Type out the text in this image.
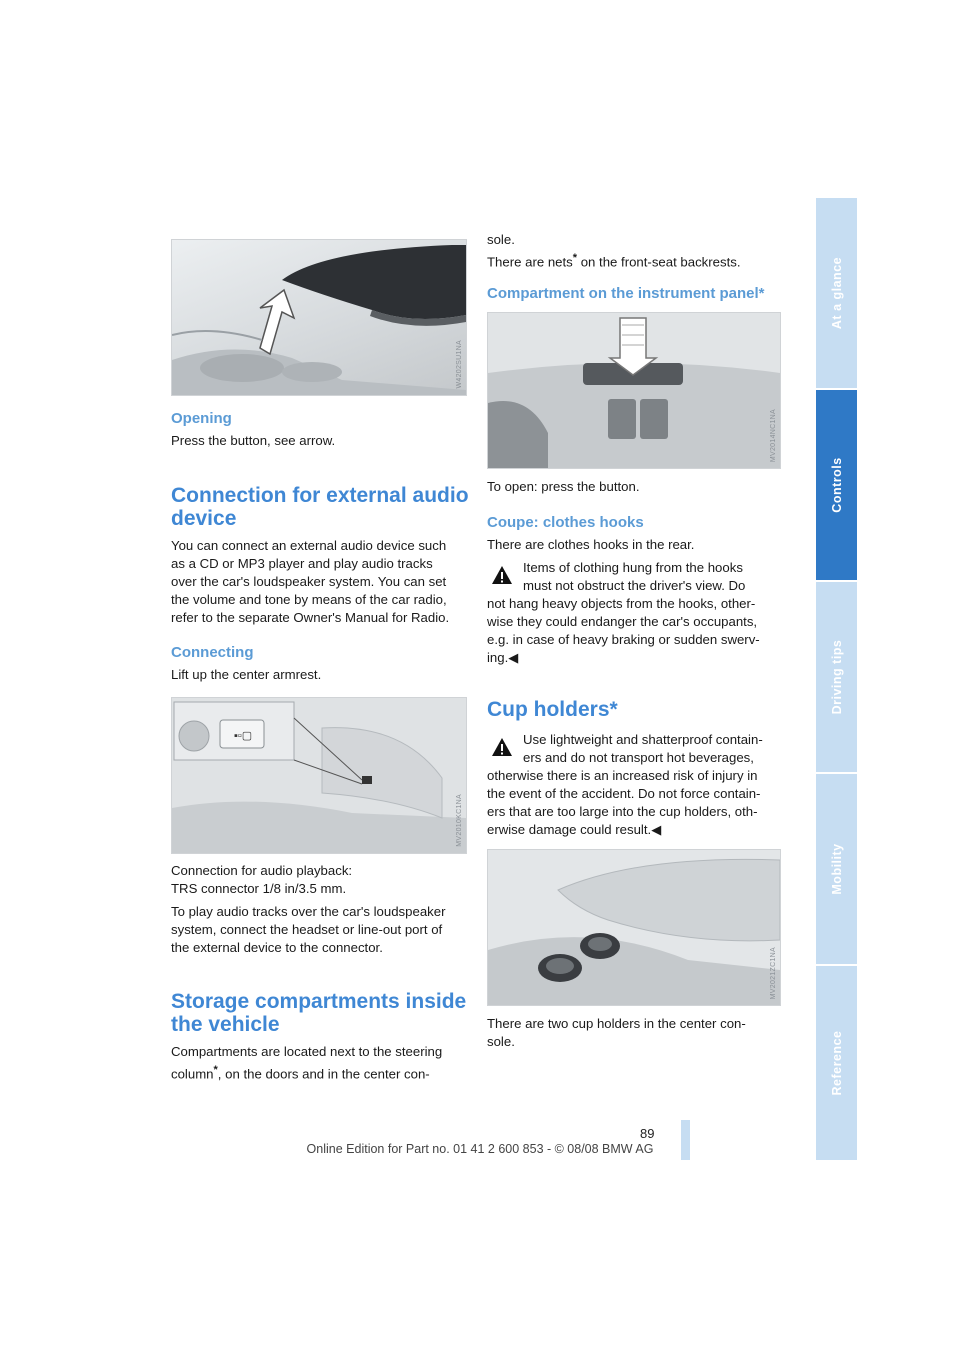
W4202SU1NA
Opening
Press the button, see arrow.
Connection for external audio
device
You can connect an external audio device such
as a CD or MP3 player and play audio tracks
over the car's loudspeaker system. You can set
the volume and tone by means of the car radio,
refer to the separate Owner's Manual for Radio.
Connecting
Lift up the center armrest.
▪▫▢
MV2010KC1NA
Connection for audio playback:
TRS connector 1/8 in/3.5 mm.
To play audio tracks over the car's loudspeaker
system, connect the headset or line-out port of
the external device to the connector.
Storage compartments inside
the vehicle
Compartments are located next to the steering
column*, on the doors and in the center con-
sole.
There are nets* on the front-seat backrests.
Compartment on the instrument panel*
MV2014NC1NA
To open: press the button.
Coupe: clothes hooks
There are clothes hooks in the rear.
Items of clothing hung from the hooks
must not obstruct the driver's view. Do
not hang heavy objects from the hooks, other-
wise they could endanger the car's occupants,
e.g. in case of heavy braking or sudden swerv-
ing.◀
Cup holders*
Use lightweight and shatterproof contain-
ers and do not transport hot beverages,
otherwise there is an increased risk of injury in
the event of the accident. Do not force contain-
ers that are too large into the cup holders, oth-
erwise damage could result.◀
MV2021ZC1NA
There are two cup holders in the center con-
sole.
At a glance
Controls
Driving tips
Mobility
Reference
89
Online Edition for Part no. 01 41 2 600 853 - © 08/08 BMW AG
